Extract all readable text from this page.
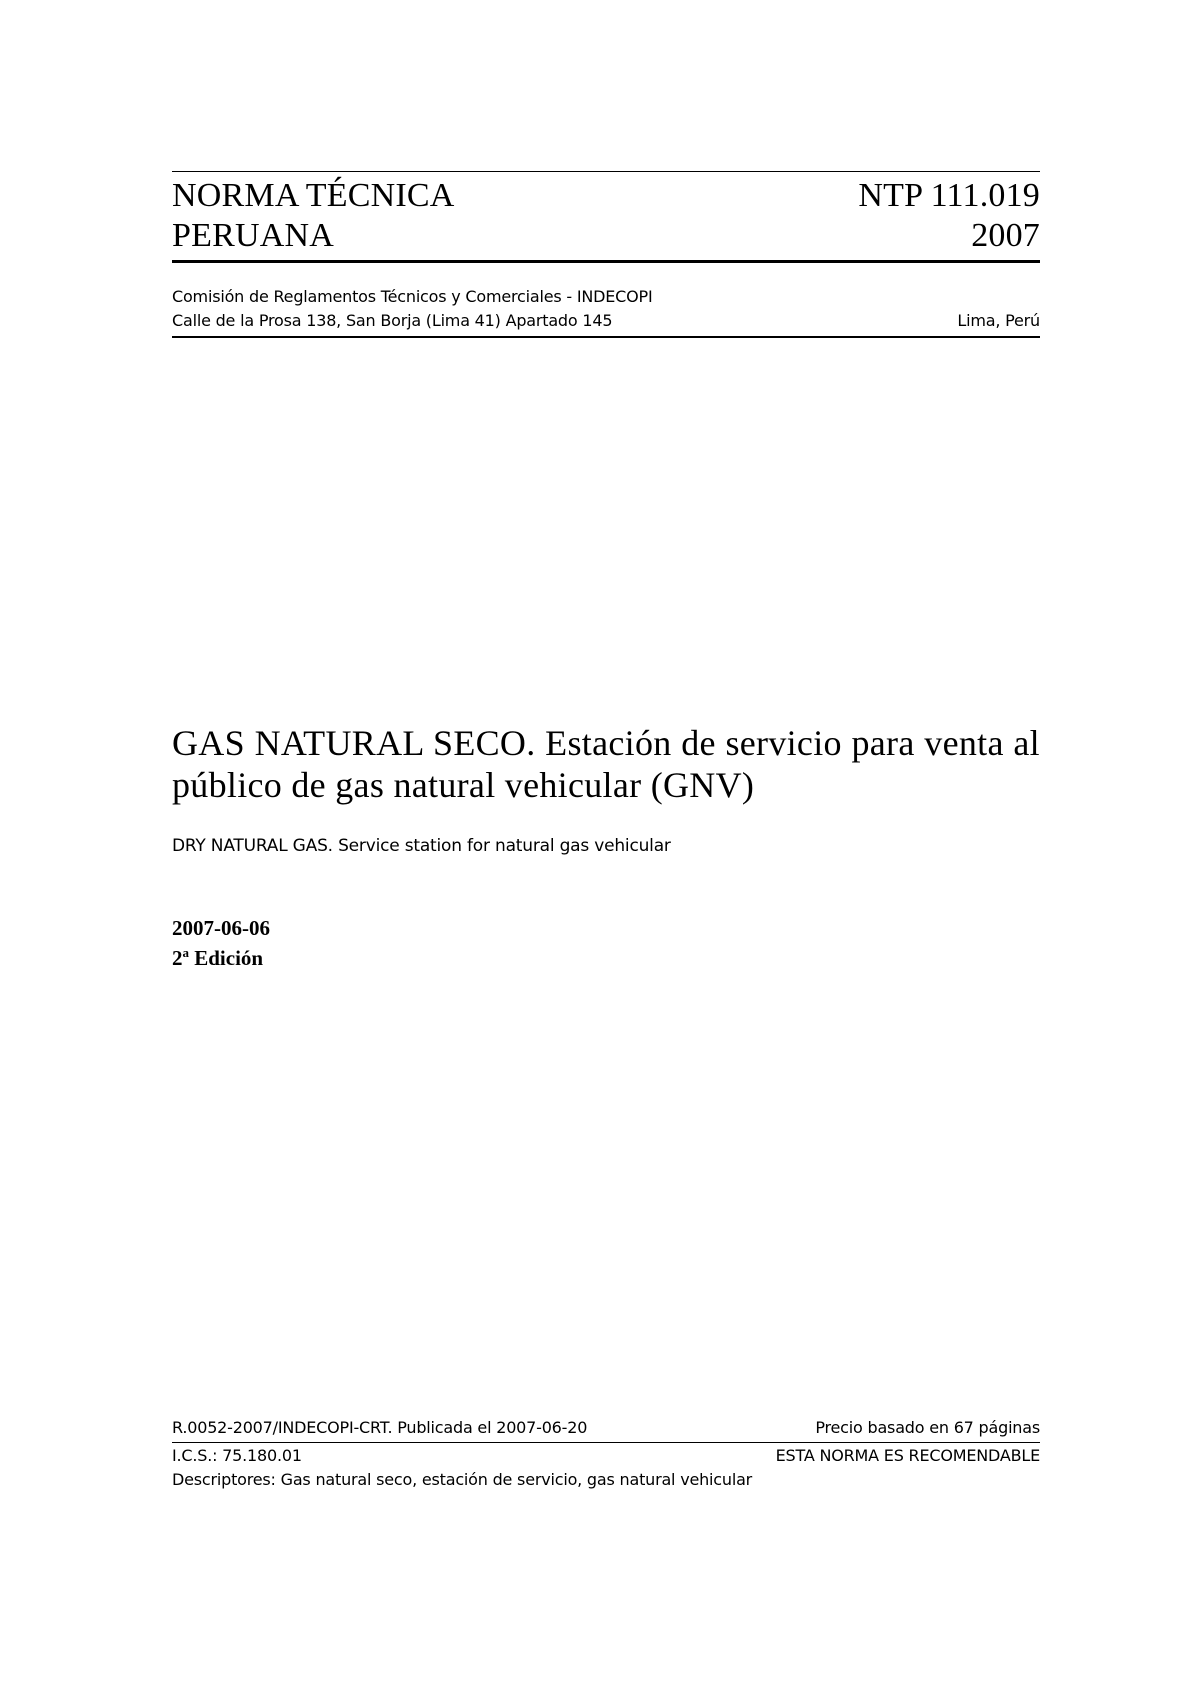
NORMA TÉCNICA	NTP 111.019
PERUANA	2007
Comisión de Reglamentos Técnicos y Comerciales - INDECOPI
Calle de la Prosa 138, San Borja (Lima 41) Apartado 145	Lima, Perú
GAS NATURAL SECO. Estación de servicio para venta al público de gas natural vehicular (GNV)
DRY NATURAL GAS. Service station for natural gas vehicular
2007-06-06
2$^a$ Edición
R.0052-2007/INDECOPI-CRT. Publicada el 2007-06-20	Precio basado en 67 páginas
I.C.S.: 75.180.01	ESTA NORMA ES RECOMENDABLE
Descriptores: Gas natural seco, estación de servicio, gas natural vehicular
